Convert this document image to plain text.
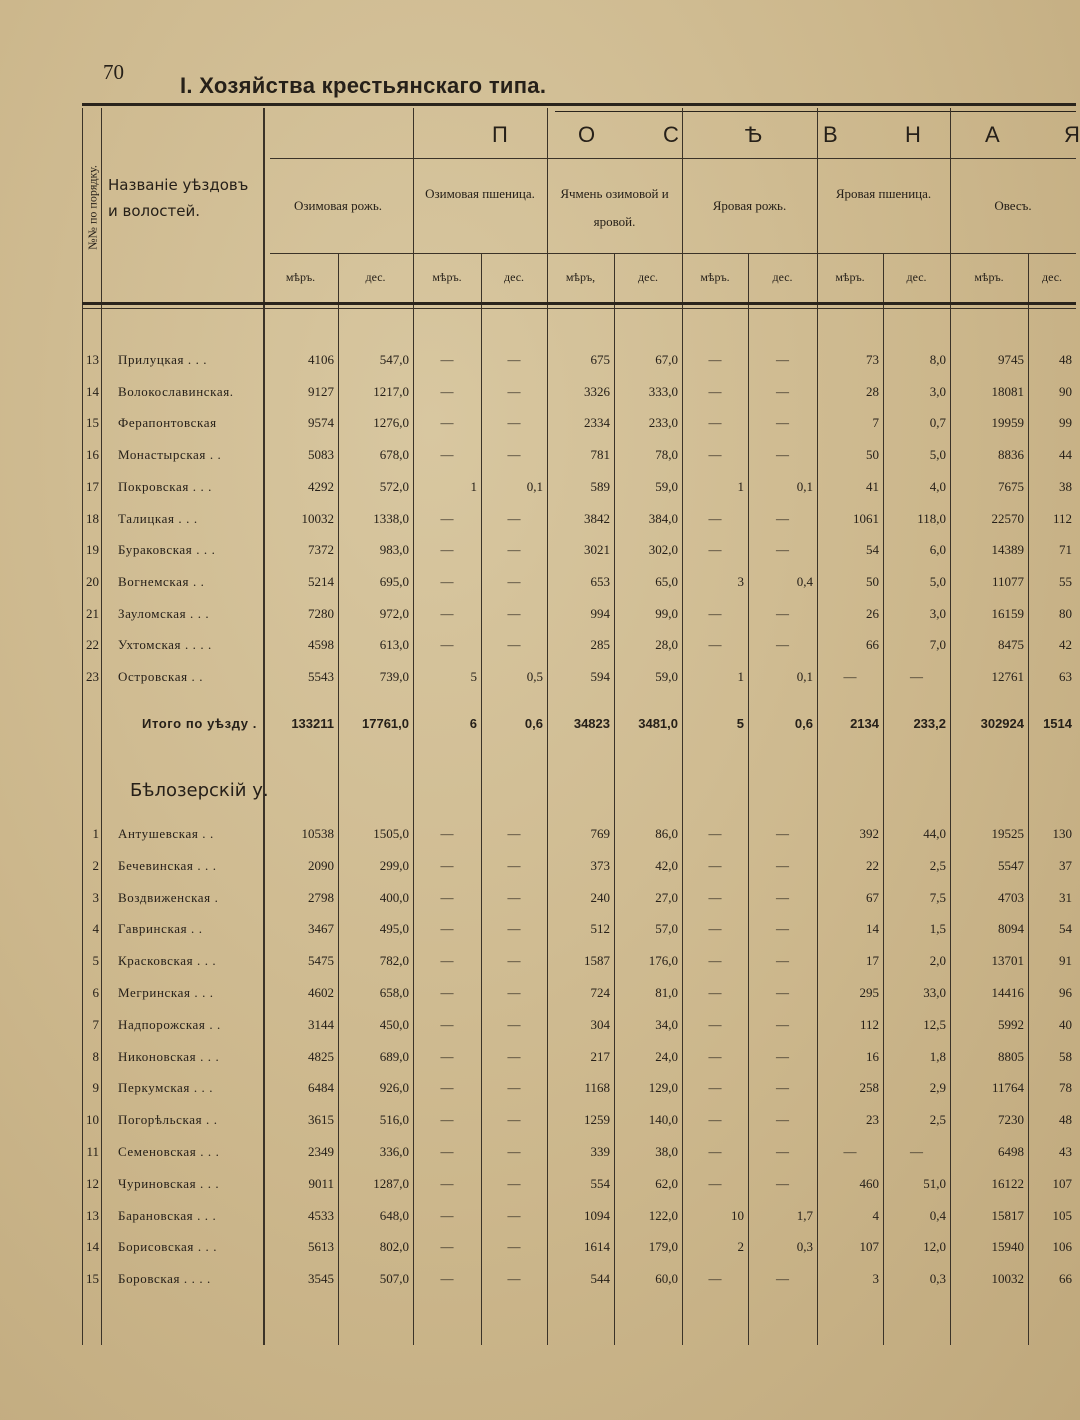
70
I. Хозяйства крестьянскаго типа.
№№ по порядку. Названіе уѣздовъ и волостей.
П	О	С	Ѣ	В	Н	А	Я
Озимовая рожь.
Озимовая пшеница.	Ячмень озимовой и яровой.
Яровая рожь.
Яровая пшеница.
Овесъ.
мѣръ.	дес.	мѣръ.	дес.	мѣръ,	дес.	мѣръ.	дес.	мѣръ.	дес.	мѣръ.	дес.
13 Прилуцкая . . .	4106	547,0	—	—	675	67,0	—	—	73	8,0	9745	48
14 Волокославинская.	9127	1217,0	—	—	3326	333,0	—	—	28	3,0	18081	90
15 Ферапонтовская	9574	1276,0	—	—	2334	233,0	—	—	7	0,7	19959	99
16 Монастырская . .	5083	678,0	—	—	781	78,0	—	—	50	5,0	8836	44
17 Покровская . . .	4292	572,0	1	0,1	589	59,0	1	0,1	41	4,0	7675	38
18 Талицкая . . .	10032	1338,0	—	—	3842	384,0	—	—	1061	118,0	22570	112
19 Бураковская . . .	7372	983,0	—	—	3021	302,0	—	—	54	6,0	14389	71
20 Вогнемская . .	5214	695,0	—	—	653	65,0	3	0,4	50	5,0	11077	55
21 Зауломская . . .	7280	972,0	—	—	994	99,0	—	—	26	3,0	16159	80
22 Ухтомская . . . .	4598	613,0	—	—	285	28,0	—	—	66	7,0	8475	42
23 Островская . .	5543	739,0	5	0,5	594	59,0	1	0,1	—	—	12761	63
Итого по уѣзду .	133211	17761,0	6	0,6	34823	3481,0	5	0,6	2134	233,2	302924	1514
1 Антушевская . .	10538	1505,0	—	—	769	86,0	—	—	392	44,0	19525	130
2 Бечевинская . . .	2090	299,0	—	—	373	42,0	—	—	22	2,5	5547	37
3 Воздвиженская .	2798	400,0	—	—	240	27,0	—	—	67	7,5	4703	31
4 Гавринская . .	3467	495,0	—	—	512	57,0	—	—	14	1,5	8094	54
5 Красковская . . .	5475	782,0	—	—	1587	176,0	—	—	17	2,0	13701	91
6 Мегринская . . .	4602	658,0	—	—	724	81,0	—	—	295	33,0	14416	96
7 Надпорожская . .	3144	450,0	—	—	304	34,0	—	—	112	12,5	5992	40
8 Никоновская . . .	4825	689,0	—	—	217	24,0	—	—	16	1,8	8805	58
9 Перкумская . . .	6484	926,0	—	—	1168	129,0	—	—	258	2,9	11764	78
10 Погорѣльская . .	3615	516,0	—	—	1259	140,0	—	—	23	2,5	7230	48
11 Семеновская . . .	2349	336,0	—	—	339	38,0	—	—	—	—	6498	43
12 Чуриновская . . .	9011	1287,0	—	—	554	62,0	—	—	460	51,0	16122	107
13 Барановская . . .	4533	648,0	—	—	1094	122,0	10	1,7	4	0,4	15817	105
14 Борисовская . . .	5613	802,0	—	—	1614	179,0	2	0,3	107	12,0	15940	106
15 Боровская . . . .	3545	507,0	—	—	544	60,0	—	—	3	0,3	10032	66
Бѣлозерскій у.
